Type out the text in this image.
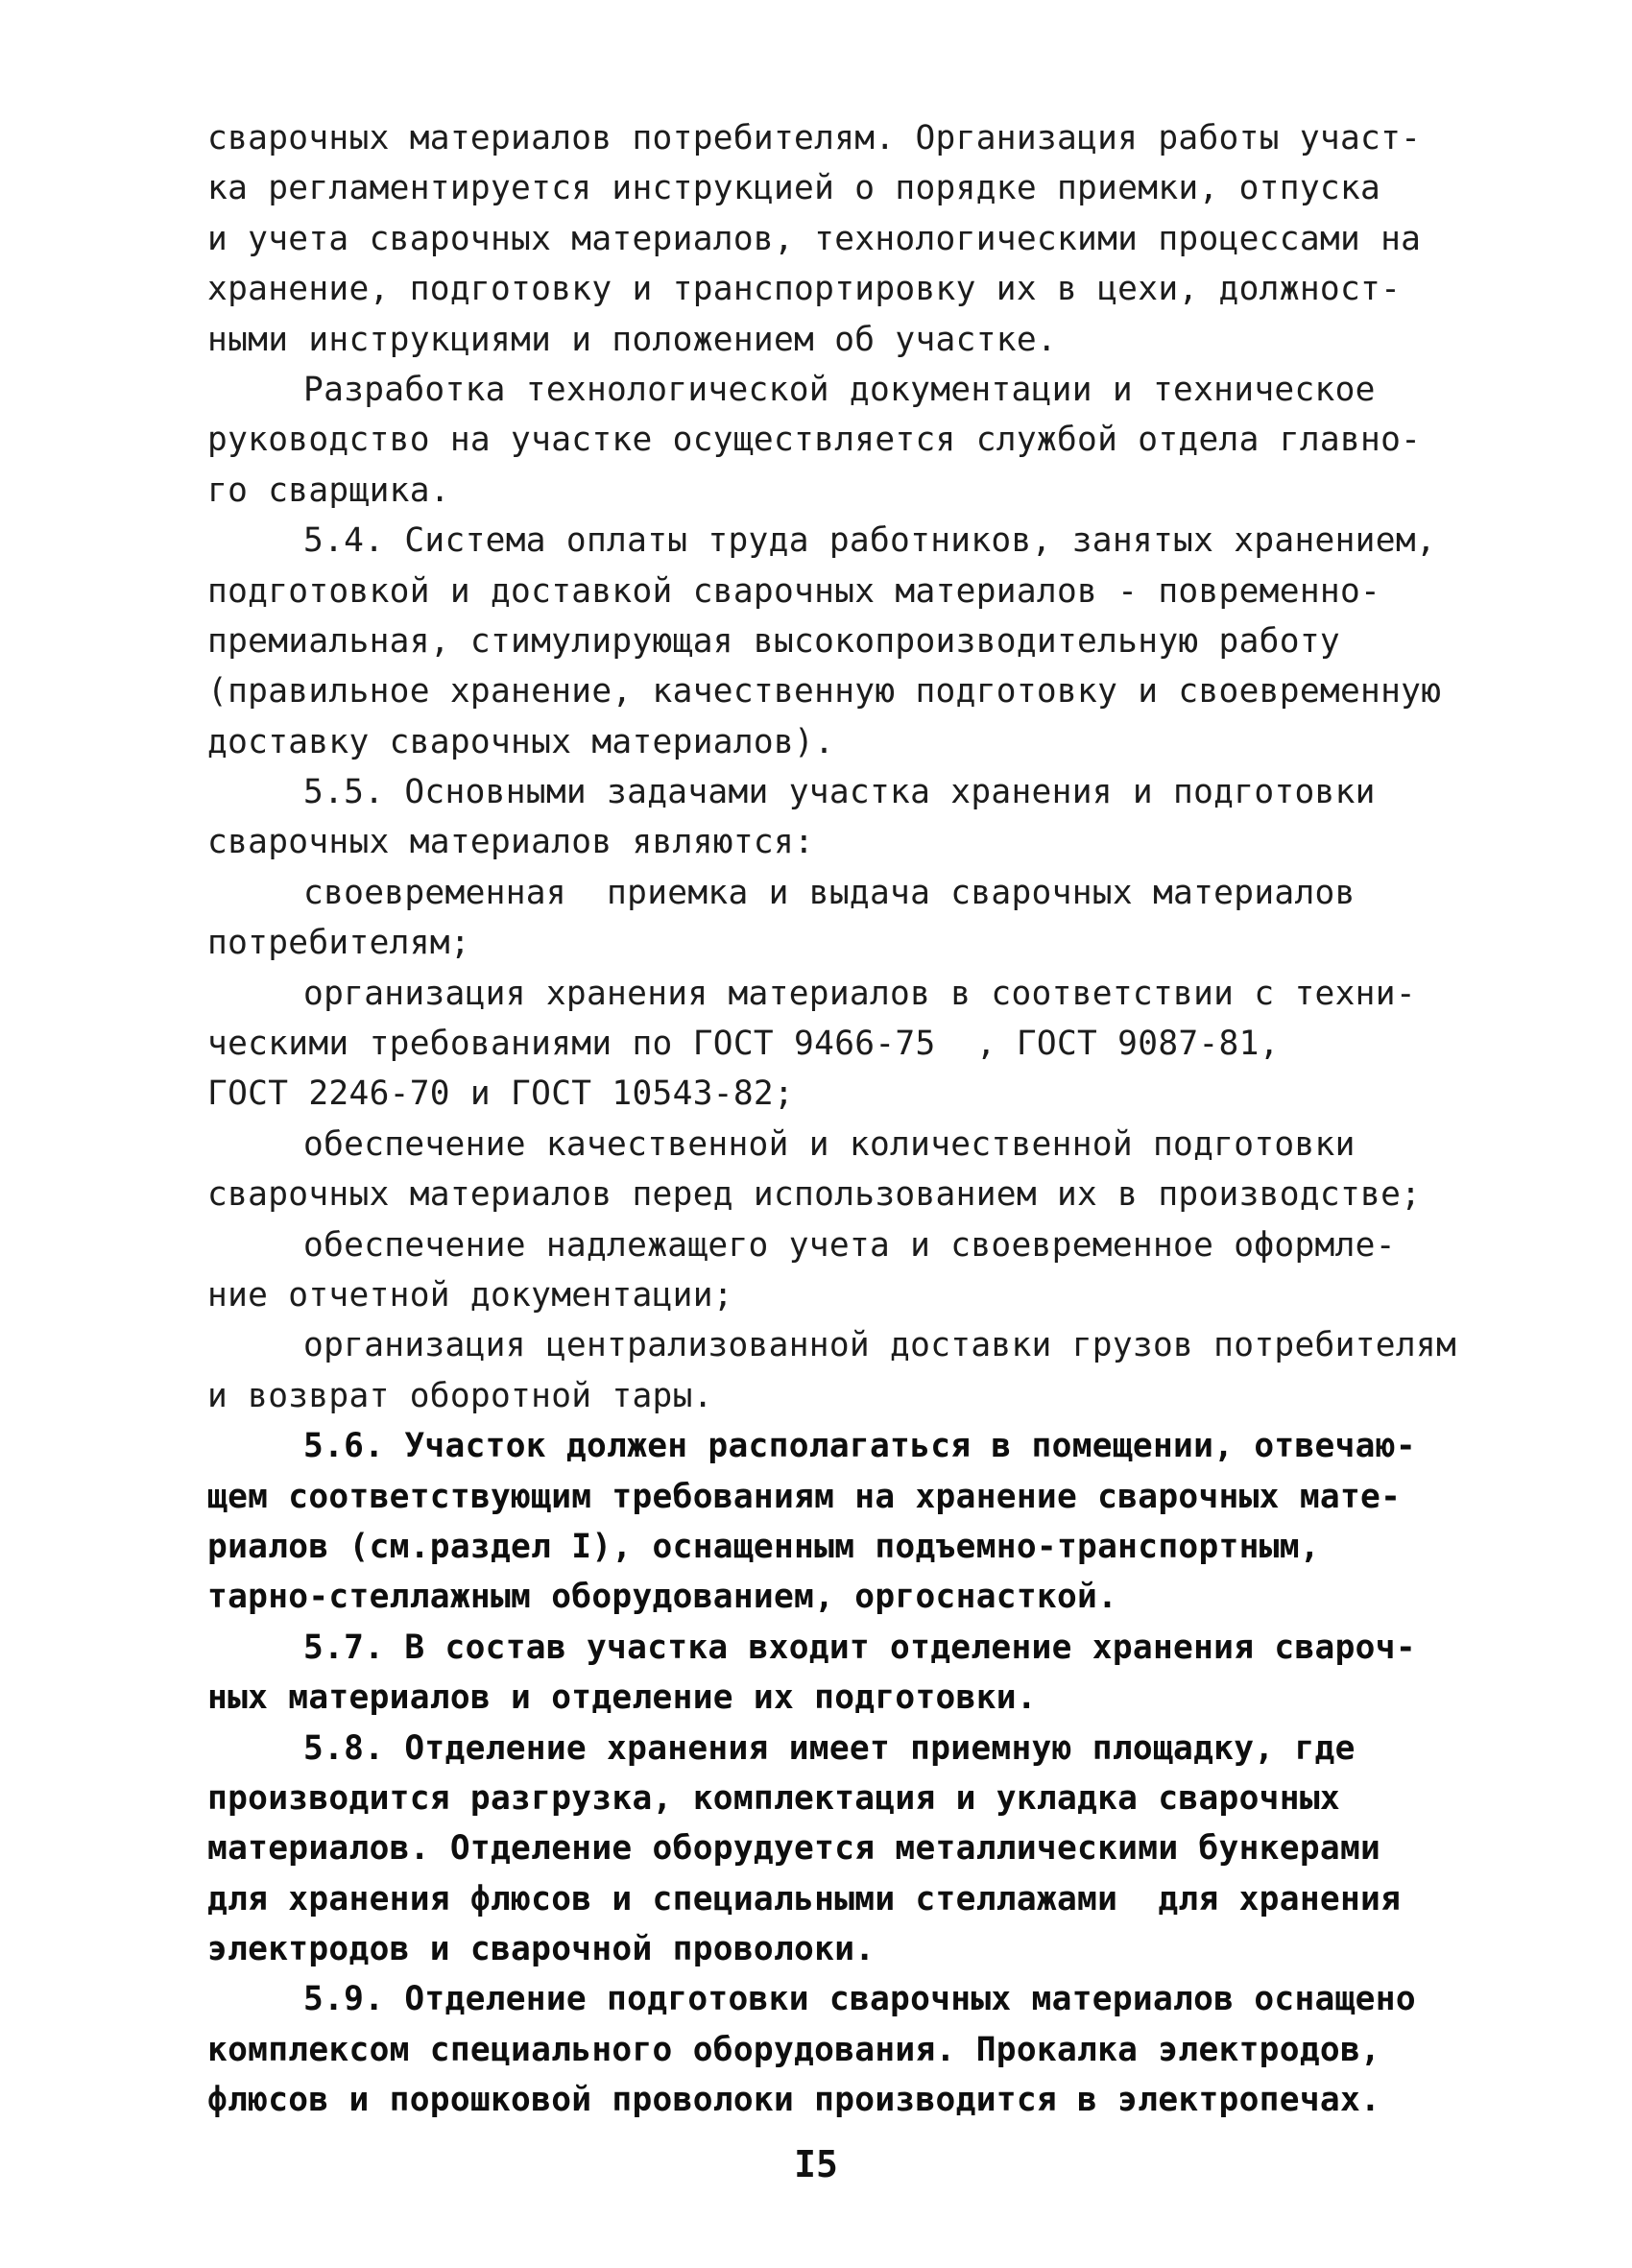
сварочных материалов потребителям. Организация работы участ-
ка регламентируется инструкцией о порядке приемки, отпуска
и учета сварочных материалов, технологическими процессами на
хранение, подготовку и транспортировку их в цехи, должност-
ными инструкциями и положением об участке.
Разработка технологической документации и техническое
руководство на участке осуществляется службой отдела главно-
го сварщика.
5.4. Система оплаты труда работников, занятых хранением,
подготовкой и доставкой сварочных материалов - повременно-
премиальная, стимулирующая высокопроизводительную работу
(правильное хранение, качественную подготовку и своевременную
доставку сварочных материалов).
5.5. Основными задачами участка хранения и подготовки
сварочных материалов являются:
своевременная  приемка и выдача сварочных материалов
потребителям;
организация хранения материалов в соответствии с техни-
ческими требованиями по ГОСТ 9466-75  , ГОСТ 9087-81,
ГОСТ 2246-70 и ГОСТ 10543-82;
обеспечение качественной и количественной подготовки
сварочных материалов перед использованием их в производстве;
обеспечение надлежащего учета и своевременное оформле-
ние отчетной документации;
организация централизованной доставки грузов потребителям
и возврат оборотной тары.
5.6. Участок должен располагаться в помещении, отвечаю-
щем соответствующим требованиям на хранение сварочных мате-
риалов (см.раздел I), оснащенным подъемно-транспортным,
тарно-стеллажным оборудованием, оргоснасткой.
5.7. В состав участка входит отделение хранения свароч-
ных материалов и отделение их подготовки.
5.8. Отделение хранения имеет приемную площадку, где
производится разгрузка, комплектация и укладка сварочных
материалов. Отделение оборудуется металлическими бункерами
для хранения флюсов и специальными стеллажами  для хранения
электродов и сварочной проволоки.
5.9. Отделение подготовки сварочных материалов оснащено
комплексом специального оборудования. Прокалка электродов,
флюсов и порошковой проволоки производится в электропечах.
I5
